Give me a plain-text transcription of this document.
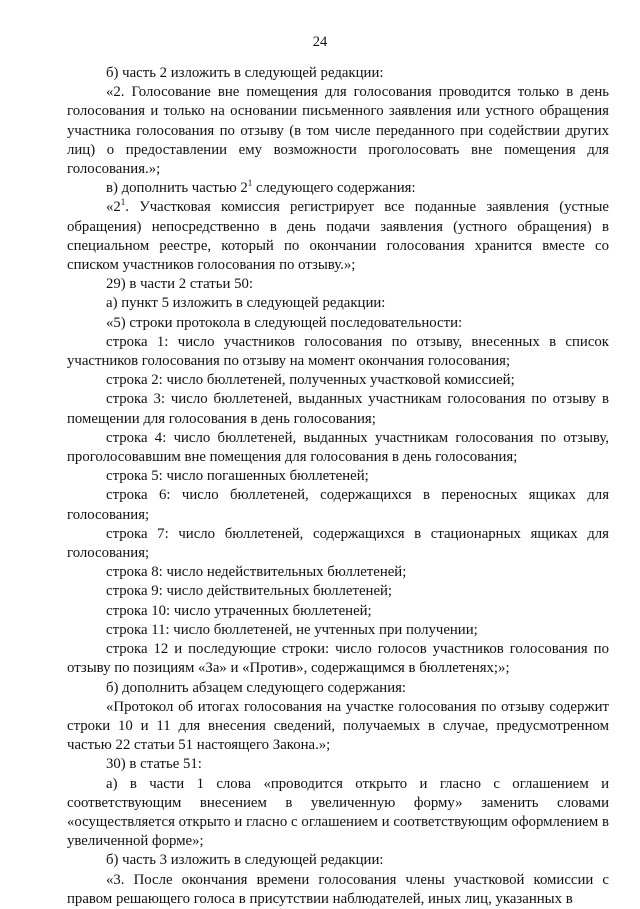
24

б) часть 2 изложить в следующей редакции:

«2. Голосование вне помещения для голосования проводится только в день голосования и только на основании письменного заявления или устного обращения участника голосования по отзыву (в том числе переданного при содействии других лиц) о предоставлении ему возможности проголосовать вне помещения для голосования.»;

в) дополнить частью $2^1$ следующего содержания:

«$2^1$. Участковая комиссия регистрирует все поданные заявления (устные обращения) непосредственно в день подачи заявления (устного обращения) в специальном реестре, который по окончании голосования хранится вместе со списком участников голосования по отзыву.»;

29) в части 2 статьи 50:

а) пункт 5 изложить в следующей редакции:

«5) строки протокола в следующей последовательности:

строка 1: число участников голосования по отзыву, внесенных в список участников голосования по отзыву на момент окончания голосования;

строка 2: число бюллетеней, полученных участковой комиссией;

строка 3: число бюллетеней, выданных участникам голосования по отзыву в помещении для голосования в день голосования;

строка 4: число бюллетеней, выданных участникам голосования по отзыву, проголосовавшим вне помещения для голосования в день голосования;

строка 5: число погашенных бюллетеней;

строка 6: число бюллетеней, содержащихся в переносных ящиках для голосования;

строка 7: число бюллетеней, содержащихся в стационарных ящиках для голосования;

строка 8: число недействительных бюллетеней;

строка 9: число действительных бюллетеней;

строка 10: число утраченных бюллетеней;

строка 11: число бюллетеней, не учтенных при получении;

строка 12 и последующие строки: число голосов участников голосования по отзыву по позициям «За» и «Против», содержащимся в бюллетенях;»;

б) дополнить абзацем следующего содержания:

«Протокол об итогах голосования на участке голосования по отзыву содержит строки 10 и 11 для внесения сведений, получаемых в случае, предусмотренном частью 22 статьи 51 настоящего Закона.»;

30) в статье 51:

а) в части 1 слова «проводится открыто и гласно с оглашением и соответствующим внесением в увеличенную форму» заменить словами «осуществляется открыто и гласно с оглашением и соответствующим оформлением в увеличенной форме»;

б) часть 3 изложить в следующей редакции:

«3. После окончания времени голосования члены участковой комиссии с правом решающего голоса в присутствии наблюдателей, иных лиц, указанных в
